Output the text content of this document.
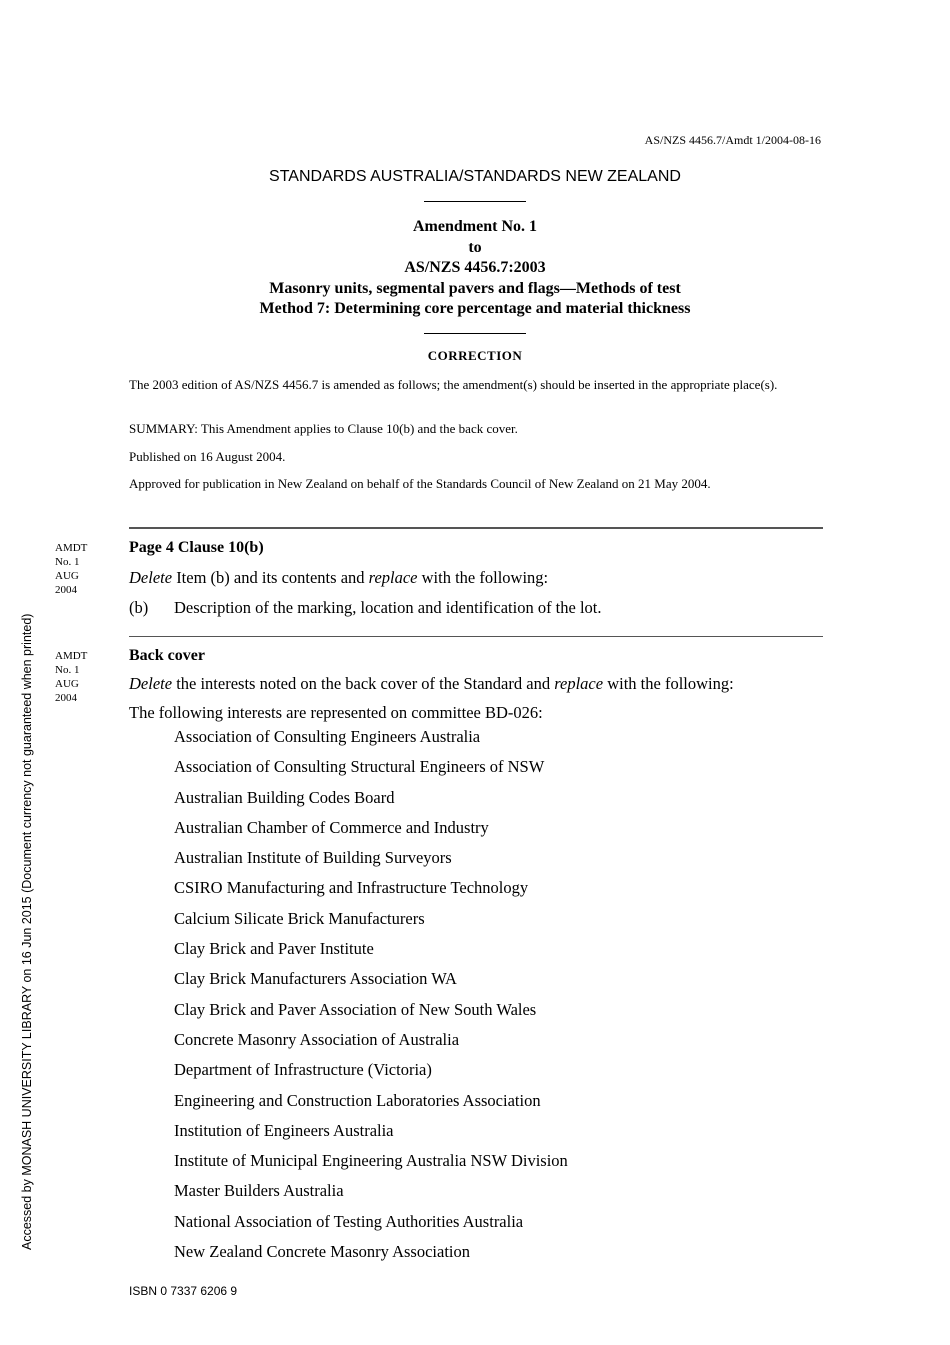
AS/NZS 4456.7/Amdt 1/2004-08-16
STANDARDS AUSTRALIA/STANDARDS NEW ZEALAND
Amendment No. 1
to
AS/NZS 4456.7:2003
Masonry units, segmental pavers and flags—Methods of test
Method 7: Determining core percentage and material thickness
CORRECTION
The 2003 edition of AS/NZS 4456.7 is amended as follows; the amendment(s) should be inserted in the appropriate place(s).
SUMMARY: This Amendment applies to Clause 10(b) and the back cover.
Published on 16 August 2004.
Approved for publication in New Zealand on behalf of the Standards Council of New Zealand on 21 May 2004.
AMDT
No. 1
AUG
2004
Page 4 Clause 10(b)
Delete Item (b) and its contents and replace with the following:
(b) Description of the marking, location and identification of the lot.
AMDT
No. 1
AUG
2004
Back cover
Delete the interests noted on the back cover of the Standard and replace with the following:
The following interests are represented on committee BD-026:
Association of Consulting Engineers Australia
Association of Consulting Structural Engineers of NSW
Australian Building Codes Board
Australian Chamber of Commerce and Industry
Australian Institute of Building Surveyors
CSIRO Manufacturing and Infrastructure Technology
Calcium Silicate Brick Manufacturers
Clay Brick and Paver Institute
Clay Brick Manufacturers Association WA
Clay Brick and Paver Association of New South Wales
Concrete Masonry Association of Australia
Department of Infrastructure (Victoria)
Engineering and Construction Laboratories Association
Institution of Engineers Australia
Institute of Municipal Engineering Australia NSW Division
Master Builders Australia
National Association of Testing Authorities Australia
New Zealand Concrete Masonry Association
Accessed by MONASH UNIVERSITY LIBRARY on 16 Jun 2015 (Document currency not guaranteed when printed)
ISBN 0 7337 6206 9
